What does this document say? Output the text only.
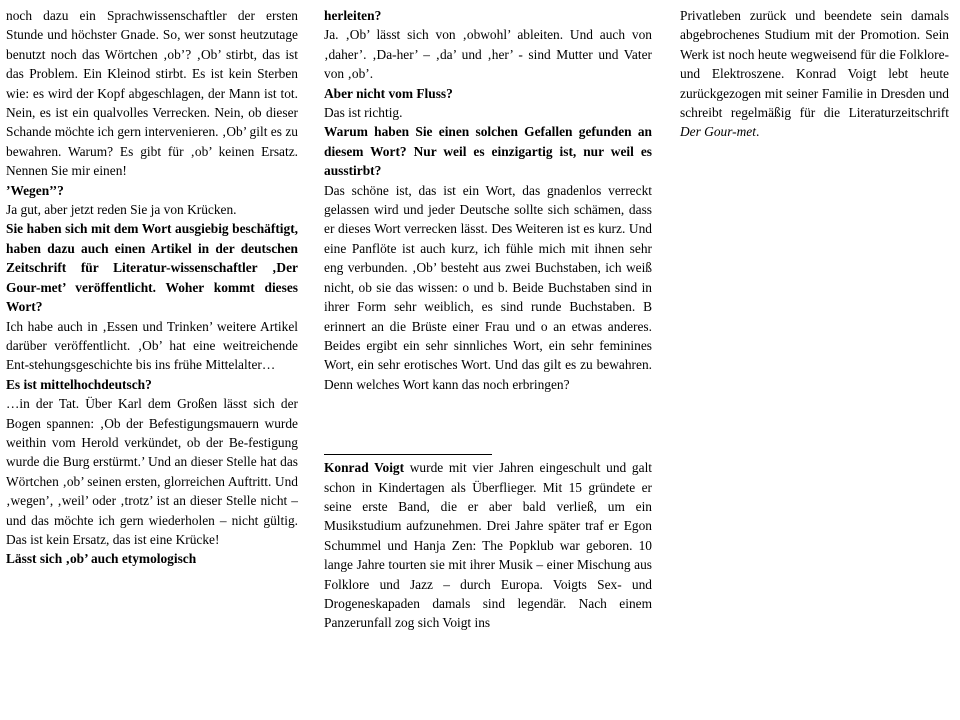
noch dazu ein Sprachwissenschaftler der ersten Stunde und höchster Gnade. So, wer sonst heutzutage benutzt noch das Wörtchen ‚ob’? ‚Ob’ stirbt, das ist das Problem. Ein Kleinod stirbt. Es ist kein Sterben wie: es wird der Kopf abgeschlagen, der Mann ist tot. Nein, es ist ein qualvolles Verrecken. Nein, ob dieser Schande möchte ich gern intervenieren. ‚Ob’ gilt es zu bewahren. Warum? Es gibt für ‚ob’ keinen Ersatz. Nennen Sie mir einen!

’Wegen’’?

Ja gut, aber jetzt reden Sie ja von Krücken.

Sie haben sich mit dem Wort ausgiebig beschäftigt, haben dazu auch einen Artikel in der deutschen Zeitschrift für Literatur-wissenschaftler ‚Der Gour-met’ veröffentlicht. Woher kommt dieses Wort?

Ich habe auch in ‚Essen und Trinken’ weitere Artikel darüber veröffentlicht. ‚Ob’ hat eine weitreichende Ent-stehungsgeschichte bis ins frühe Mittelalter…

Es ist mittelhochdeutsch?

…in der Tat. Über Karl dem Großen lässt sich der Bogen spannen: ‚Ob der Befestigungsmauern wurde weithin vom Herold verkündet, ob der Be-festigung wurde die Burg erstürmt.’ Und an dieser Stelle hat das Wörtchen ‚ob’ seinen ersten, glorreichen Auftritt. Und ‚wegen’, ‚weil’ oder ‚trotz’ ist an dieser Stelle nicht – und das möchte ich gern wiederholen – nicht gültig. Das ist kein Ersatz, das ist eine Krücke!

Lässt sich ‚ob’ auch etymologisch

herleiten?

Ja. ‚Ob’ lässt sich von ‚obwohl’ ableiten. Und auch von ‚daher’. ‚Da-her’ – ‚da’ und ‚her’ - sind Mutter und Vater von ‚ob’.

Aber nicht vom Fluss?

Das ist richtig.

Warum haben Sie einen solchen Gefallen gefunden an diesem Wort? Nur weil es einzigartig ist, nur weil es ausstirbt?

Das schöne ist, das ist ein Wort, das gnadenlos verreckt gelassen wird und jeder Deutsche sollte sich schämen, dass er dieses Wort verrecken lässt. Des Weiteren ist es kurz. Und eine Panflöte ist auch kurz, ich fühle mich mit ihnen sehr eng verbunden. ‚Ob’ besteht aus zwei Buchstaben, ich weiß nicht, ob sie das wissen: o und b. Beide Buchstaben sind in ihrer Form sehr weiblich, es sind runde Buchstaben. B erinnert an die Brüste einer Frau und o an etwas anderes. Beides ergibt ein sehr sinnliches Wort, ein sehr feminines Wort, ein sehr erotisches Wort. Und das gilt es zu bewahren. Denn welches Wort kann das noch erbringen?

Konrad Voigt wurde mit vier Jahren eingeschult und galt schon in Kindertagen als Überflieger. Mit 15 gründete er seine erste Band, die er aber bald verließ, um ein Musikstudium aufzunehmen. Drei Jahre später traf er Egon Schummel und Hanja Zen: The Popklub war geboren. 10 lange Jahre tourten sie mit ihrer Musik – einer Mischung aus Folklore und Jazz – durch Europa. Voigts Sex- und Drogeneskapaden damals sind legendär. Nach einem Panzerunfall zog sich Voigt ins

Privatleben zurück und beendete sein damals abgebrochenes Studium mit der Promotion. Sein Werk ist noch heute wegweisend für die Folklore- und Elektroszene. Konrad Voigt lebt heute zurückgezogen mit seiner Familie in Dresden und schreibt regelmäßig für die Literaturzeitschrift Der Gour-met.
